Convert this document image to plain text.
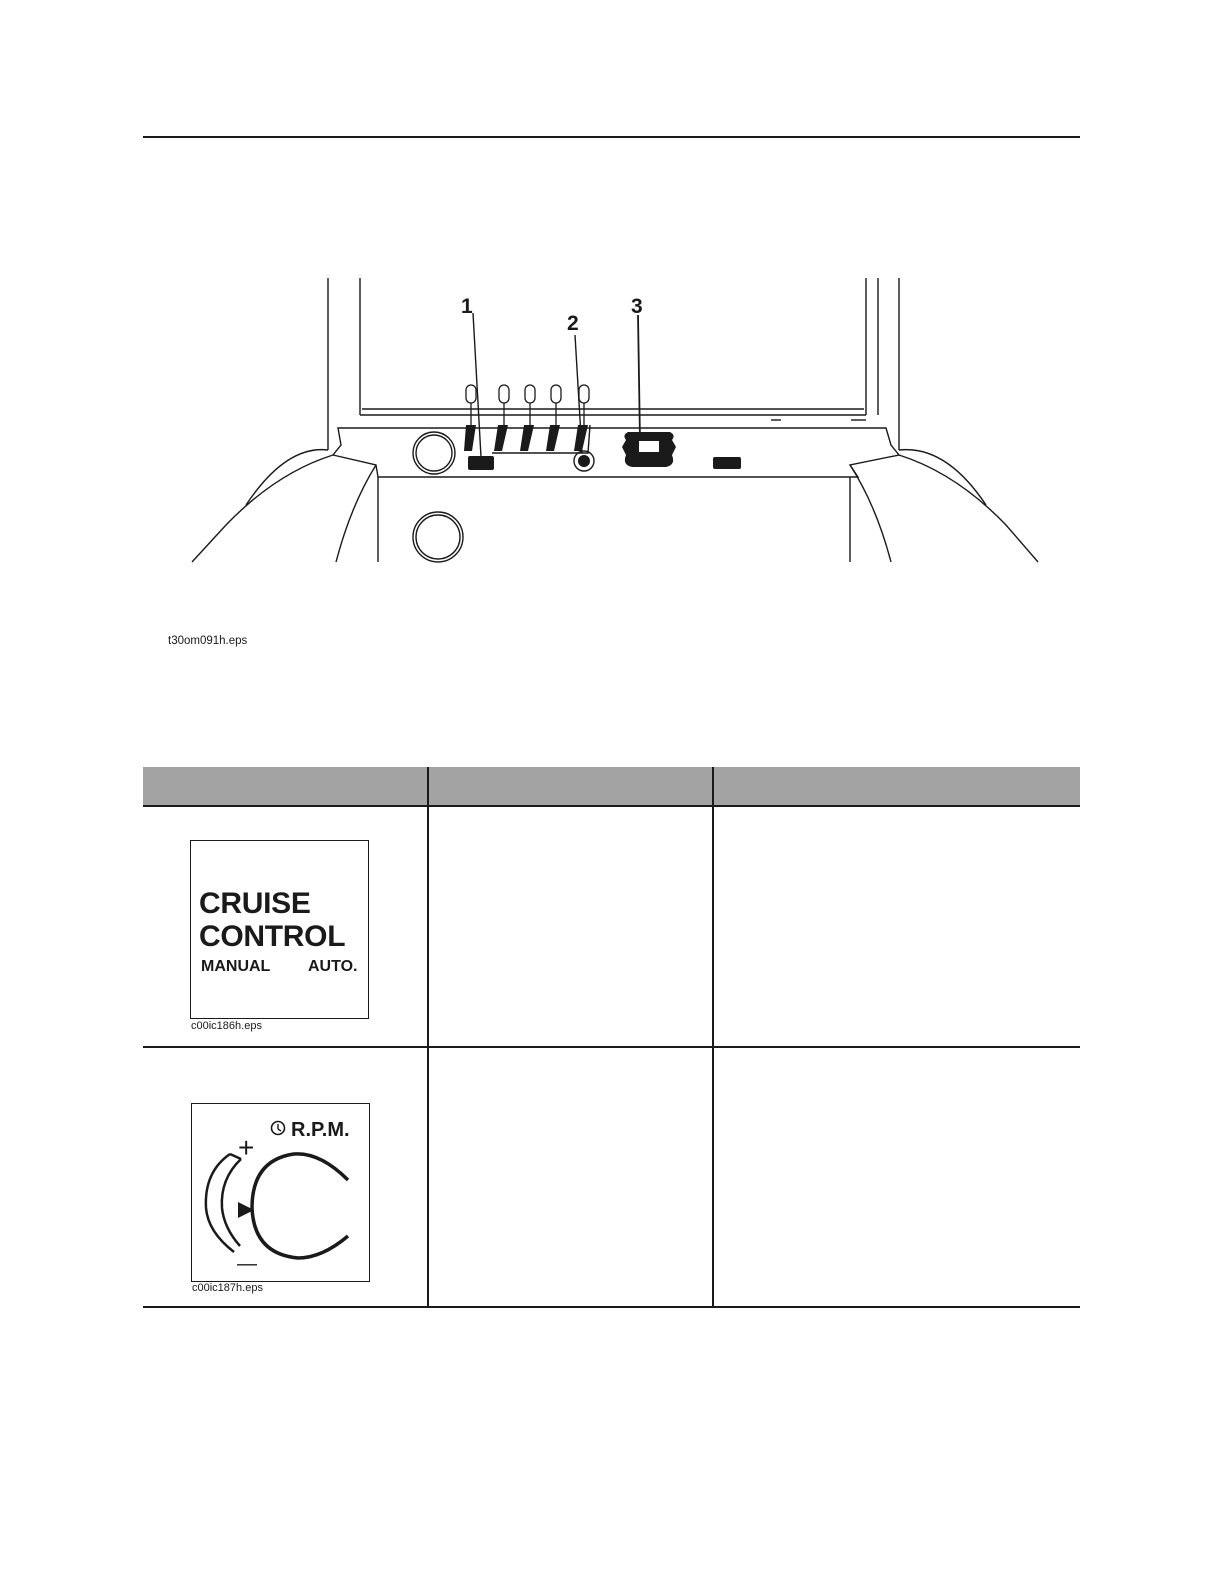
1
2
3
t30om091h.eps
CRUISE
CONTROL
MANUAL AUTO.
c00ic186h.eps
+
—
R.P.M.
c00ic187h.eps
